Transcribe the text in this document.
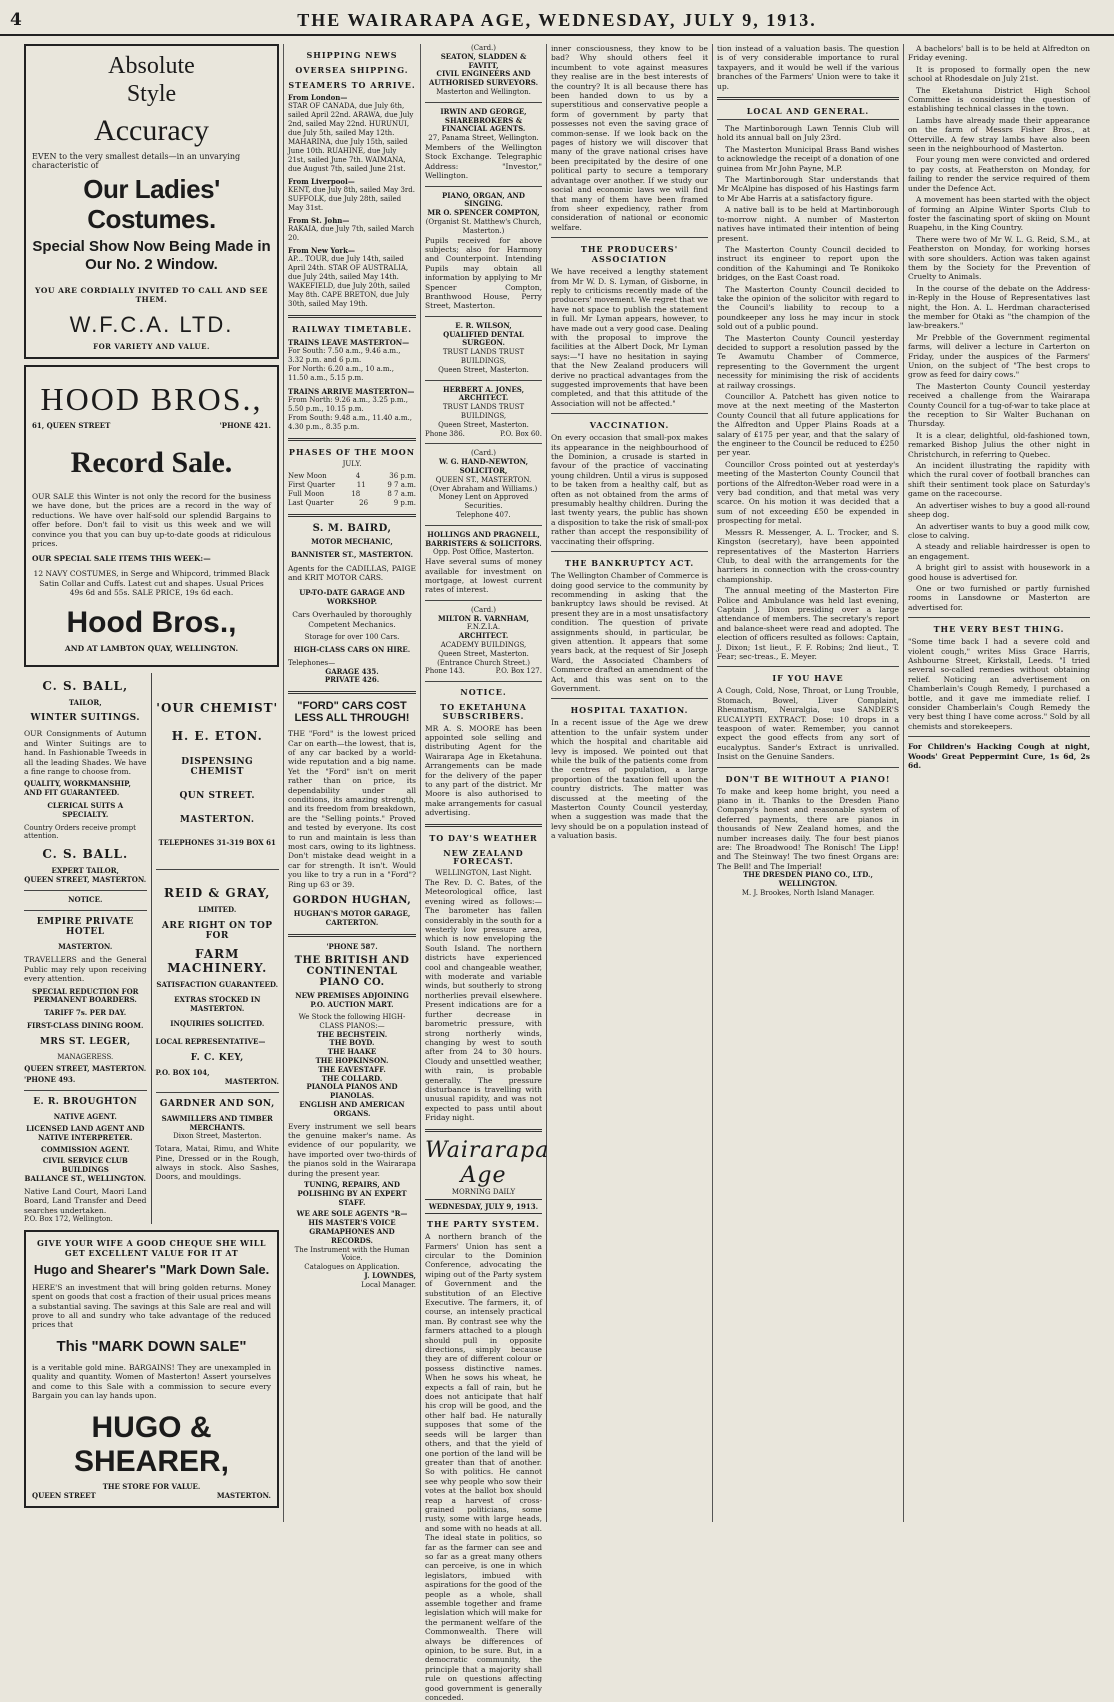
4	THE WAIRARAPA AGE, WEDNESDAY, JULY 9, 1913.
Absolute
Style
Accuracy
EVEN to the very smallest details—in an unvarying characteristic of
Our Ladies' Costumes.
Special Show Now Being Made in Our No. 2 Window.
YOU ARE CORDIALLY INVITED TO CALL AND SEE THEM.
W.F.C.A. LTD.
FOR VARIETY AND VALUE.
HOOD BROS.,
61, QUEEN STREET	'PHONE 421.
Record Sale.
OUR SALE this Winter is not only the record for the business we have done, but the prices are a record in the way of reductions. We have over half-sold our splendid Bargains to offer before. Don't fail to visit us this week and we will convince you that you can buy up-to-date goods at ridiculous prices.
OUR SPECIAL SALE ITEMS THIS WEEK:—
12 NAVY COSTUMES, in Serge and Whipcord, trimmed Black Satin Collar and Cuffs. Latest cut and shapes. Usual Prices 49s 6d and 55s. SALE PRICE, 19s 6d each.
Hood Bros.,
AND AT LAMBTON QUAY, WELLINGTON.
C. S. BALL,
TAILOR,
WINTER SUITINGS.
OUR Consignments of Autumn and Winter Suitings are to hand. In Fashionable Tweeds in all the leading Shades. We have a fine range to choose from.
QUALITY, WORKMANSHIP, AND FIT GUARANTEED.
CLERICAL SUITS A SPECIALTY.
Country Orders receive prompt attention.
C. S. BALL.
EXPERT TAILOR,
QUEEN STREET, MASTERTON.
NOTICE.
EMPIRE PRIVATE HOTEL
MASTERTON.
TRAVELLERS and the General Public may rely upon receiving every attention.
SPECIAL REDUCTION FOR PERMANENT BOARDERS.
TARIFF 7s. PER DAY.
FIRST-CLASS DINING ROOM.
MRS ST. LEGER,
MANAGERESS.
QUEEN STREET, MASTERTON.
'PHONE 493.
E. R. BROUGHTON
NATIVE AGENT.
LICENSED LAND AGENT AND NATIVE INTERPRETER.
COMMISSION AGENT.
CIVIL SERVICE CLUB BUILDINGS
BALLANCE ST., WELLINGTON.
Native Land Court, Maori Land Board, Land Transfer and Deed searches undertaken.
P.O. Box 172, Wellington.
'OUR CHEMIST'
H. E. ETON.
DISPENSING CHEMIST
QUN STREET.
MASTERTON.
TELEPHONES 31-319 BOX 61
REID & GRAY,
LIMITED.
ARE RIGHT ON TOP FOR
FARM MACHINERY.
SATISFACTION GUARANTEED.
EXTRAS STOCKED IN MASTERTON.
INQUIRIES SOLICITED.
LOCAL REPRESENTATIVE—
F. C. KEY,
P.O. BOX 104,
MASTERTON.
GARDNER AND SON,
SAWMILLERS AND TIMBER MERCHANTS.
Dixon Street, Masterton.
Totara, Matai, Rimu, and White Pine, Dressed or in the Rough, always in stock. Also Sashes, Doors, and mouldings.
GIVE YOUR WIFE A GOOD CHEQUE SHE WILL GET EXCELLENT VALUE FOR IT AT
Hugo and Shearer's "Mark Down Sale.
HERE'S an investment that will bring golden returns. Money spent on goods that cost a fraction of their usual prices means a substantial saving. The savings at this Sale are real and will prove to all and sundry who take advantage of the reduced prices that
This "MARK DOWN SALE"
is a veritable gold mine. BARGAINS! They are unexampled in quality and quantity. Women of Masterton! Assert yourselves and come to this Sale with a commission to secure every Bargain you can lay hands upon.
HUGO & SHEARER,
THE STORE FOR VALUE.
QUEEN STREET	MASTERTON.
SHIPPING NEWS
OVERSEA SHIPPING.
STEAMERS TO ARRIVE.
From London—
STAR OF CANADA, due July 6th, sailed April 22nd. ARAWA, due July 2nd, sailed May 22nd. HURUNUI, due July 5th, sailed May 12th. MAHARINA, due July 15th, sailed June 10th. RUAHINE, due July 21st, sailed June 7th. WAIMANA, due August 7th, sailed June 21st.
From Liverpool—
KENT, due July 8th, sailed May 3rd. SUFFOLK, due July 28th, sailed May 31st.
From St. John—
RAKAIA, due July 7th, sailed March 20.
From New York—
AP... TOUR, due July 14th, sailed April 24th. STAR OF AUSTRALIA, due July 24th, sailed May 14th. WAKEFIELD, due July 20th, sailed May 8th. CAPE BRETON, due July 30th, sailed May 19th.
RAILWAY TIMETABLE.
TRAINS LEAVE MASTERTON—
For South: 7.50 a.m., 9.46 a.m., 3.32 p.m. and 6 p.m.
For North: 6.20 a.m., 10 a.m., 11.50 a.m., 5.15 p.m.
TRAINS ARRIVE MASTERTON—
From North: 9.26 a.m., 3.25 p.m., 5.50 p.m., 10.15 p.m.
From South: 9.48 a.m., 11.40 a.m., 4.30 p.m., 8.35 p.m.
PHASES OF THE MOON
JULY.
New Moon	4	36 p.m.
First Quarter	11	9 7 a.m.
Full Moon	18	8 7 a.m.
Last Quarter	26	9 p.m.
S. M. BAIRD,
MOTOR MECHANIC,
BANNISTER ST., MASTERTON.
Agents for the CADILLAS, PAIGE and KRIT MOTOR CARS.
UP-TO-DATE GARAGE AND WORKSHOP.
Cars Overhauled by thoroughly Competent Mechanics.
Storage for over 100 Cars.
HIGH-CLASS CARS ON HIRE.
Telephones—
GARAGE 435.
PRIVATE 426.
"FORD" CARS COST LESS ALL THROUGH!
THE "Ford" is the lowest priced Car on earth—the lowest, that is, of any car backed by a world-wide reputation and a big name. Yet the "Ford" isn't on merit rather than on price, its dependability under all conditions, its amazing strength, and its freedom from breakdown, are the "Selling points." Proved and tested by everyone. Its cost to run and maintain is less than most cars, owing to its lightness. Don't mistake dead weight in a car for strength. It isn't. Would you like to try a run in a "Ford"? Ring up 63 or 39.
GORDON HUGHAN,
HUGHAN'S MOTOR GARAGE,
CARTERTON.
'PHONE 587.
THE BRITISH AND CONTINENTAL PIANO CO.
NEW PREMISES ADJOINING P.O. AUCTION MART.
We Stock the following HIGH-CLASS PIANOS:—
THE BECHSTEIN.
THE BOYD.
THE HAAKE
THE HOPKINSON.
THE EAVESTAFF.
THE COLLARD.
PIANOLA PIANOS AND PIANOLAS.
ENGLISH AND AMERICAN ORGANS.
Every instrument we sell bears the genuine maker's name. As evidence of our popularity, we have imported over two-thirds of the pianos sold in the Wairarapa during the present year.
TUNING, REPAIRS, AND POLISHING BY AN EXPERT STAFF.
WE ARE SOLE AGENTS "R—
HIS MASTER'S VOICE GRAMAPHONES AND RECORDS.
The Instrument with the Human Voice.
Catalogues on Application.
J. LOWNDES,
Local Manager.
(Card.)
SEATON, SLADDEN & FAVITT,
CIVIL ENGINEERS AND AUTHORISED SURVEYORS.
Masterton and Wellington.
IRWIN AND GEORGE,
SHAREBROKERS & FINANCIAL AGENTS.
27, Panama Street, Wellington.
Members of the Wellington Stock Exchange. Telegraphic Address: "Investor," Wellington.
PIANO, ORGAN, AND SINGING.
MR O. SPENCER COMPTON,
(Organist St. Matthew's Church, Masterton.)
Pupils received for above subjects; also for Harmony and Counterpoint. Intending Pupils may obtain all information by applying to Mr Spencer Compton, Branthwood House, Perry Street, Masterton.
E. R. WILSON,
QUALIFIED DENTAL SURGEON.
TRUST LANDS TRUST BUILDINGS,
Queen Street, Masterton.
HERBERT A. JONES,
ARCHITECT.
TRUST LANDS TRUST BUILDINGS,
Queen Street, Masterton.
Phone 386.	P.O. Box 60.
(Card.)
W. G. HAND-NEWTON,
SOLICITOR,
QUEEN ST., MASTERTON.
(Over Abraham and Williams.)
Money Lent on Approved Securities.
Telephone 407.
HOLLINGS AND PRAGNELL,
BARRISTERS & SOLICITORS.
Opp. Post Office, Masterton.
Have several sums of money available for investment on mortgage, at lowest current rates of interest.
(Card.)
MILTON R. VARNHAM,
F.N.Z.I.A.
ARCHITECT.
ACADEMY BUILDINGS,
Queen Street, Masterton.
(Entrance Church Street.)
Phone 143.	P.O. Box 127.
NOTICE.
TO EKETAHUNA SUBSCRIBERS.
MR A. S. MOORE has been appointed sole selling and distributing Agent for the Wairarapa Age in Eketahuna. Arrangements can be made for the delivery of the paper to any part of the district. Mr Moore is also authorised to make arrangements for casual advertising.
TO DAY'S WEATHER
NEW ZEALAND FORECAST.
WELLINGTON, Last Night.
The Rev. D. C. Bates, of the Meteorological office, last evening wired as follows:— The barometer has fallen considerably in the south for a westerly low pressure area, which is now enveloping the South Island. The northern districts have experienced cool and changeable weather, with moderate and variable winds, but southerly to strong northerlies prevail elsewhere. Present indications are for a further decrease in barometric pressure, with strong northerly winds, changing by west to south after from 24 to 30 hours. Cloudy and unsettled weather, with rain, is probable generally. The pressure disturbance is travelling with unusual rapidity, and was not expected to pass until about Friday night.
Wairarapa Age
MORNING DAILY
WEDNESDAY, JULY 9, 1913.
THE PARTY SYSTEM.
A northern branch of the Farmers' Union has sent a circular to the Dominion Conference, advocating the wiping out of the Party system of Government and the substitution of an Elective Executive. The farmers, it, of course, an intensely practical man. By contrast see why the farmers attached to a plough should pull in opposite directions, simply because they are of different colour or possess distinctive names. When he sows his wheat, he expects a fall of rain, but he does not anticipate that half his crop will be good, and the other half bad. He naturally supposes that some of the seeds will be larger than others, and that the yield of one portion of the land will be greater than that of another. So with politics. He cannot see why people who sow their votes at the ballot box should reap a harvest of cross-grained politicians, some rusty, some with large heads, and some with no heads at all. The ideal state in politics, so far as the farmer can see and so far as a great many others can perceive, is one in which legislators, imbued with aspirations for the good of the people as a whole, shall assemble together and frame legislation which will make for the permanent welfare of the Commonwealth. There will always be differences of opinion, to be sure. But, in a democratic community, the principle that a majority shall rule on questions affecting good government is generally conceded.
inner consciousness, they know to be bad? Why should others feel it incumbent to vote against measures they realise are in the best interests of the country? It is all because there has been handed down to us by a superstitious and conservative people a form of government by party that possesses not even the saving grace of common-sense. If we look back on the pages of history we will discover that many of the grave national crises have been precipitated by the desire of one political party to secure a temporary advantage over another. If we study our social and economic laws we will find that many of them have been framed from sheer expediency, rather from consideration of national or economic welfare.
THE PRODUCERS' ASSOCIATION
We have received a lengthy statement from Mr W. D. S. Lyman, of Gisborne, in reply to criticisms recently made of the producers' movement. We regret that we have not space to publish the statement in full. Mr Lyman appears, however, to have made out a very good case. Dealing with the proposal to improve the facilities at the Albert Dock, Mr Lyman says:—"I have no hesitation in saying that the New Zealand producers will derive no practical advantages from the suggested improvements that have been completed, and that this attitude of the Association will not be affected."
VACCINATION.
On every occasion that small-pox makes its appearance in the neighbourhood of the Dominion, a crusade is started in favour of the practice of vaccinating young children. Until a virus is supposed to be taken from a healthy calf, but as often as not obtained from the arms of presumably healthy children. During the last twenty years, the public has shown a disposition to take the risk of small-pox rather than accept the responsibility of vaccinating their offspring.
THE BANKRUPTCY ACT.
The Wellington Chamber of Commerce is doing good service to the community by recommending in asking that the bankruptcy laws should be revised. At present they are in a most unsatisfactory condition. The question of private assignments should, in particular, be given attention. It appears that some years back, at the request of Sir Joseph Ward, the Associated Chambers of Commerce drafted an amendment of the Act, and this was sent on to the Government.
HOSPITAL TAXATION.
In a recent issue of the Age we drew attention to the unfair system under which the hospital and charitable aid levy is imposed. We pointed out that while the bulk of the patients come from the centres of population, a large proportion of the taxation fell upon the country districts. The matter was discussed at the meeting of the Masterton County Council yesterday, when a suggestion was made that the levy should be on a population instead of a valuation basis.
tion instead of a valuation basis. The question is of very considerable importance to rural taxpayers, and it would be well if the various branches of the Farmers' Union were to take it up.
LOCAL AND GENERAL.
The Martinborough Lawn Tennis Club will hold its annual ball on July 23rd.
The Masterton Municipal Brass Band wishes to acknowledge the receipt of a donation of one guinea from Mr John Payne, M.P.
The Martinborough Star understands that Mr McAlpine has disposed of his Hastings farm to Mr Abe Harris at a satisfactory figure.
A native ball is to be held at Martinborough to-morrow night. A number of Masterton natives have intimated their intention of being present.
The Masterton County Council decided to instruct its engineer to report upon the condition of the Kahumingi and Te Ronikoko bridges, on the East Coast road.
The Masterton County Council decided to take the opinion of the solicitor with regard to the Council's liability to recoup to a poundkeeper any loss he may incur in stock sold out of a public pound.
The Masterton County Council yesterday decided to support a resolution passed by the Te Awamutu Chamber of Commerce, representing to the Government the urgent necessity for minimising the risk of accidents at railway crossings.
Councillor A. Patchett has given notice to move at the next meeting of the Masterton County Council that all future applications for the Alfredton and Upper Plains Roads at a salary of £175 per year, and that the salary of the engineer to the Council be reduced to £250 per year.
Councillor Cross pointed out at yesterday's meeting of the Masterton County Council that portions of the Alfredton-Weber road were in a very bad condition, and that metal was very scarce. On his motion it was decided that a sum of not exceeding £50 be expended in prospecting for metal.
Messrs R. Messenger, A. L. Trocker, and S. Kingston (secretary), have been appointed representatives of the Masterton Harriers Club, to deal with the arrangements for the harriers in connection with the cross-country championship.
The annual meeting of the Masterton Fire Police and Ambulance was held last evening, Captain J. Dixon presiding over a large attendance of members. The secretary's report and balance-sheet were read and adopted. The election of officers resulted as follows: Captain, J. Dixon; 1st lieut., F. F. Robins; 2nd lieut., T. Fear; sec-treas., E. Meyer.
IF YOU HAVE
A Cough, Cold, Nose, Throat, or Lung Trouble, Stomach, Bowel, Liver Complaint, Rheumatism, Neuralgia, use SANDER'S EUCALYPTI EXTRACT. Dose: 10 drops in a teaspoon of water. Remember, you cannot expect the good effects from any sort of eucalyptus. Sander's Extract is unrivalled. Insist on the Genuine Sanders.
DON'T BE WITHOUT A PIANO!
To make and keep home bright, you need a piano in it. Thanks to the Dresden Piano Company's honest and reasonable system of deferred payments, there are pianos in thousands of New Zealand homes, and the number increases daily. The four best pianos are: The Broadwood! The Ronisch! The Lipp! and The Steinway! The two finest Organs are: The Bell! and The Imperial!
THE DRESDEN PIANO CO., LTD.,
WELLINGTON.
M. J. Brookes, North Island Manager.
A bachelors' ball is to be held at Alfredton on Friday evening.
It is proposed to formally open the new school at Rhodesdale on July 21st.
The Eketahuna District High School Committee is considering the question of establishing technical classes in the town.
Lambs have already made their appearance on the farm of Messrs Fisher Bros., at Otterville. A few stray lambs have also been seen in the neighbourhood of Masterton.
Four young men were convicted and ordered to pay costs, at Featherston on Monday, for failing to render the service required of them under the Defence Act.
A movement has been started with the object of forming an Alpine Winter Sports Club to foster the fascinating sport of skiing on Mount Ruapehu, in the King Country.
There were two of Mr W. L. G. Reid, S.M., at Featherston on Monday, for working horses with sore shoulders. Action was taken against them by the Society for the Prevention of Cruelty to Animals.
In the course of the debate on the Address-in-Reply in the House of Representatives last night, the Hon. A. L. Herdman characterised the member for Otaki as "the champion of the law-breakers."
Mr Prebble of the Government regimental farms, will deliver a lecture in Carterton on Friday, under the auspices of the Farmers' Union, on the subject of "The best crops to grow as feed for dairy cows."
The Masterton County Council yesterday received a challenge from the Wairarapa County Council for a tug-of-war to take place at the reception to Sir Walter Buchanan on Thursday.
It is a clear, delightful, old-fashioned town, remarked Bishop Julius the other night in Christchurch, in referring to Quebec.
An incident illustrating the rapidity with which the rural cover of football branches can shift their sentiment took place on Saturday's game on the racecourse.
An advertiser wishes to buy a good all-round sheep dog.
An advertiser wants to buy a good milk cow, close to calving.
A steady and reliable hairdresser is open to an engagement.
A bright girl to assist with housework in a good house is advertised for.
One or two furnished or partly furnished rooms in Lansdowne or Masterton are advertised for.
THE VERY BEST THING.
"Some time back I had a severe cold and violent cough," writes Miss Grace Harris, Ashbourne Street, Kirkstall, Leeds. "I tried several so-called remedies without obtaining relief. Noticing an advertisement on Chamberlain's Cough Remedy, I purchased a bottle, and it gave me immediate relief. I consider Chamberlain's Cough Remedy the very best thing I have come across." Sold by all chemists and storekeepers.
For Children's Hacking Cough at night, Woods' Great Peppermint Cure, 1s 6d, 2s 6d.
